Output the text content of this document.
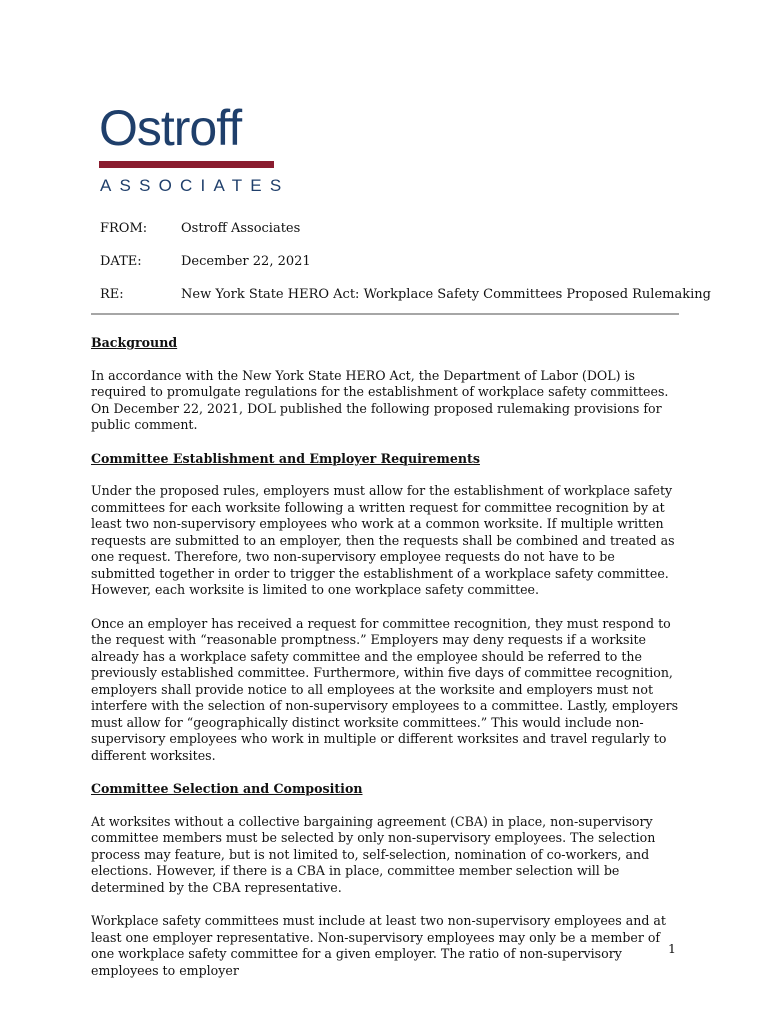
Ostroff
ASSOCIATES
FROM:	Ostroff Associates
DATE:	December 22, 2021
RE:	New York State HERO Act: Workplace Safety Committees Proposed Rulemaking
Background

In accordance with the New York State HERO Act, the Department of Labor (DOL) is required to promulgate regulations for the establishment of workplace safety committees. On December 22, 2021, DOL published the following proposed rulemaking provisions for public comment.

Committee Establishment and Employer Requirements

Under the proposed rules, employers must allow for the establishment of workplace safety committees for each worksite following a written request for committee recognition by at least two non-supervisory employees who work at a common worksite. If multiple written requests are submitted to an employer, then the requests shall be combined and treated as one request. Therefore, two non-supervisory employee requests do not have to be submitted together in order to trigger the establishment of a workplace safety committee. However, each worksite is limited to one workplace safety committee.

Once an employer has received a request for committee recognition, they must respond to the request with “reasonable promptness.” Employers may deny requests if a worksite already has a workplace safety committee and the employee should be referred to the previously established committee. Furthermore, within five days of committee recognition, employers shall provide notice to all employees at the worksite and employers must not interfere with the selection of non-supervisory employees to a committee. Lastly, employers must allow for “geographically distinct worksite committees.” This would include non-supervisory employees who work in multiple or different worksites and travel regularly to different worksites.

Committee Selection and Composition

At worksites without a collective bargaining agreement (CBA) in place, non-supervisory committee members must be selected by only non-supervisory employees. The selection process may feature, but is not limited to, self-selection, nomination of co-workers, and elections. However, if there is a CBA in place, committee member selection will be determined by the CBA representative.

Workplace safety committees must include at least two non-supervisory employees and at least one employer representative. Non-supervisory employees may only be a member of one workplace safety committee for a given employer. The ratio of non-supervisory employees to employer

1
